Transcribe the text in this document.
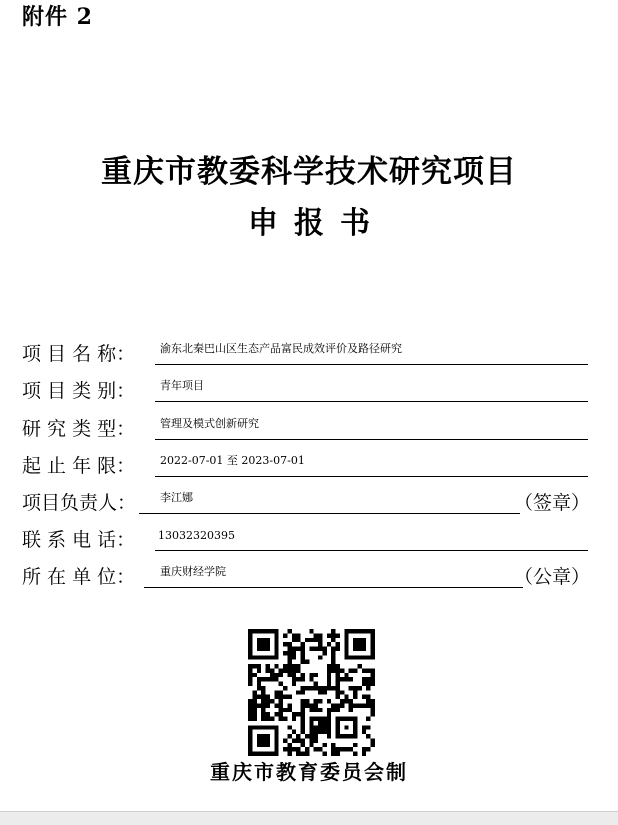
附件 2
重庆市教委科学技术研究项目
申报书
项 目 名 称： 渝东北秦巴山区生态产品富民成效评价及路径研究
项 目 类 别： 青年项目
研 究 类 型： 管理及模式创新研究
起 止 年 限： 2022-07-01 至 2023-07-01
项目负责人： 李江娜	（签章）
联 系 电 话： 13032320395
所 在 单 位： 重庆财经学院	（公章）
重庆市教育委员会制
